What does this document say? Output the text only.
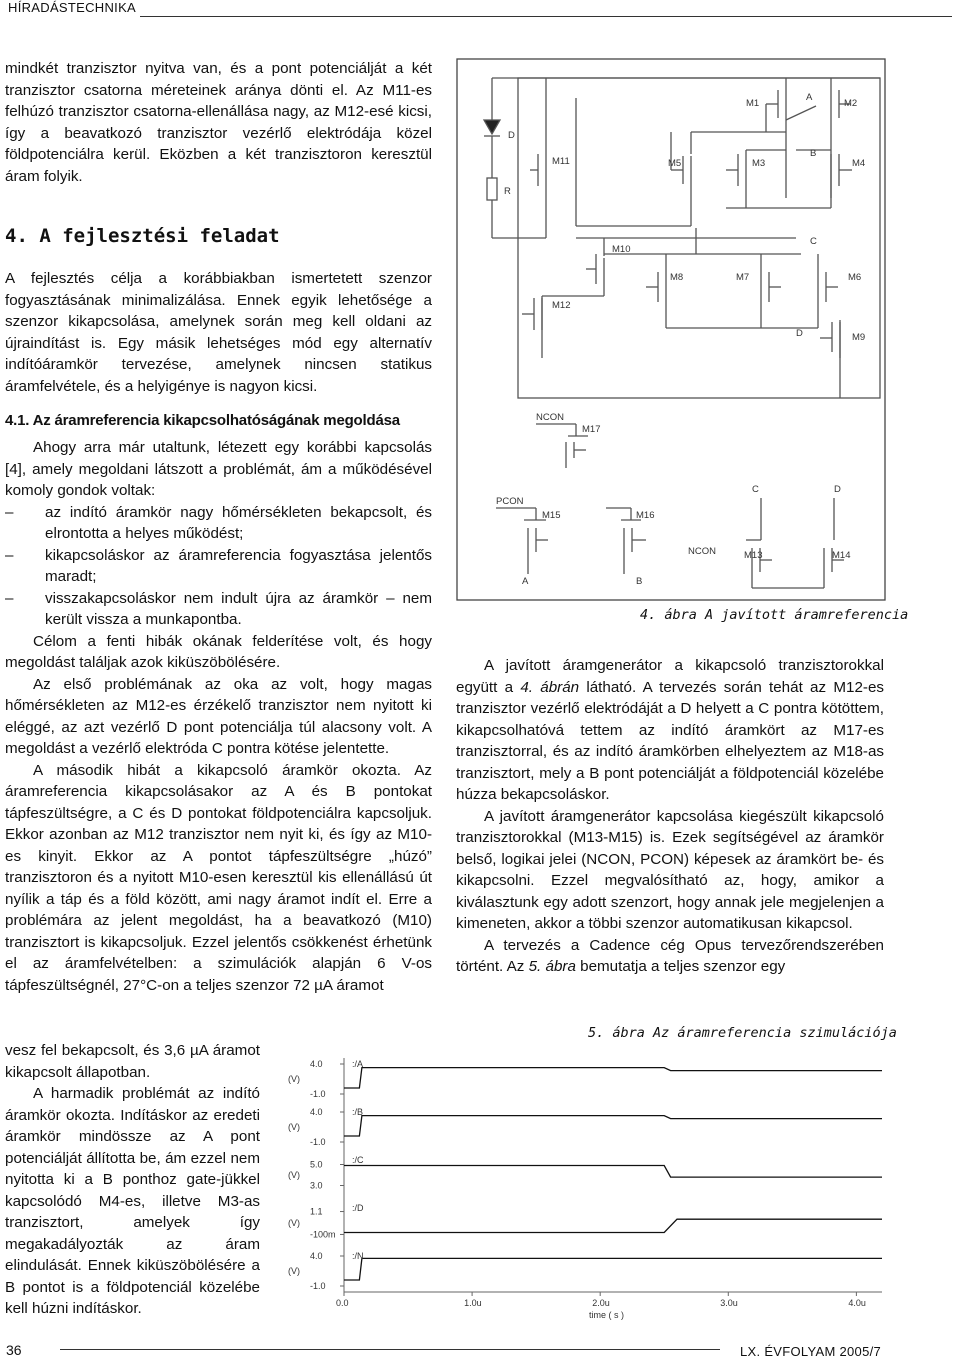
HÍRADÁSTECHNIKA
36	LX. ÉVFOLYAM 2005/7

mindkét tranzisztor nyitva van, és a pont potenciálját a két tranzisztor csatorna méreteinek aránya dönti el. Az M11-es felhúzó tranzisztor csatorna-ellenállása nagy, az M12-esé kicsi, így a beavatkozó tranzisztor vezérlő elektródája közel földpotenciálra kerül. Eközben a két tranzisztoron keresztül áram folyik.

4. A fejlesztési feladat

A fejlesztés célja a korábbiakban ismertetett szenzor fogyasztásának minimalizálása. Ennek egyik lehetősége a szenzor kikapcsolása, amelynek során meg kell oldani az újraindítást is. Egy másik lehetséges mód egy alternatív indítóáramkör tervezése, amelynek nincsen statikus áramfelvétele, és a helyigénye is nagyon kicsi.

4.1. Az áramreferencia kikapcsolhatóságának megoldása

Ahogy arra már utaltunk, létezett egy korábbi kapcsolás [4], amely megoldani látszott a problémát, ám a működésével komoly gondok voltak:

– az indító áramkör nagy hőmérsékleten bekapcsolt, és elrontotta a helyes működést;
– kikapcsoláskor az áramreferencia fogyasztása jelentős maradt;
– visszakapcsoláskor nem indult újra az áramkör – nem került vissza a munkapontba.

Célom a fenti hibák okának felderítése volt, és hogy megoldást találjak azok kiküszöbölésére.

Az első problémának az oka az volt, hogy magas hőmérsékleten az M12-es érzékelő tranzisztor nem nyitott ki eléggé, az azt vezérlő D pont potenciálja túl alacsony volt. A megoldást a vezérlő elektróda C pontra kötése jelentette.

A második hibát a kikapcsoló áramkör okozta. Az áramreferencia kikapcsolásakor az A és B pontokat tápfeszültségre, a C és D pontokat földpotenciálra kapcsoljuk. Ekkor azonban az M12 tranzisztor nem nyit ki, és így az M10-es kinyit. Ekkor az A pontot tápfeszültségre „húzó” tranzisztoron és a nyitott M10-esen keresztül kis ellenállású út nyílik a táp és a föld között, ami nagy áramot indít el. Erre a problémára az jelent megoldást, ha a beavatkozó (M10) tranzisztort is kikapcsoljuk. Ezzel jelentős csökkenést érhetünk el az áramfelvételben: a szimulációk alapján 6 V-os tápfeszültségnél, 27°C-on a teljes szenzor 72 µA áramot

vesz fel bekapcsolt, és 3,6 µA áramot kikapcsolt állapotban.

A harmadik problémát az indító áramkör okozta. Indításkor az eredeti áramkör mindössze az A pont potenciálját állította be, ám ezzel nem nyitotta ki a B ponthoz gate-jükkel kapcsolódó M4-es, illetve M3-as tranzisztort, amelyek így megakadályozták az áram elindulását. Ennek kiküszöbölésére a B pontot is a földpotenciál közelébe kell húzni indításkor.

4. ábra A javított áramreferencia

A javított áramgenerátor a kikapcsoló tranzisztorokkal együtt a 4. ábrán látható. A tervezés során tehát az M12-es tranzisztor vezérlő elektródáját a D helyett a C pontra kötöttem, kikapcsolhatóvá tettem az indító áramkört az M17-es tranzisztorral, és az indító áramkörben elhelyeztem az M18-as tranzisztort, mely a B pont potenciálját a földpotenciál közelébe húzza bekapcsoláskor.

A javított áramgenerátor kapcsolása kiegészült kikapcsoló tranzisztorokkal (M13-M15) is. Ezek segítségével az áramkör belső, logikai jelei (NCON, PCON) képesek az áramkört be- és kikapcsolni. Ezzel megvalósítható az, hogy, amikor a kiválasztunk egy adott szenzort, hogy annak jele megjelenjen a kimeneten, akkor a többi szenzor automatikusan kikapcsol.

A tervezés a Cadence cég Opus tervezőrendszerében történt. Az 5. ábra bemutatja a teljes szenzor egy

5. ábra Az áramreferencia szimulációja
D
R
M1	M2
A
M11	M5	M3	M4
B
M10
C
M8	M7	M6
M12
D	M9
NCON
M17
PCON
M15	M16
C	D
NCON	M13	M14
A	B
(V)
4.0
-1.0
:/A
(V)
4.0
-1.0
:/B
(V)
5.0
3.0
:/C
(V)
1.1
-100m
:/D
(V)
4.0
-1.0
:/N
0.0	1.0u	2.0u	3.0u	4.0u
time ( s )
